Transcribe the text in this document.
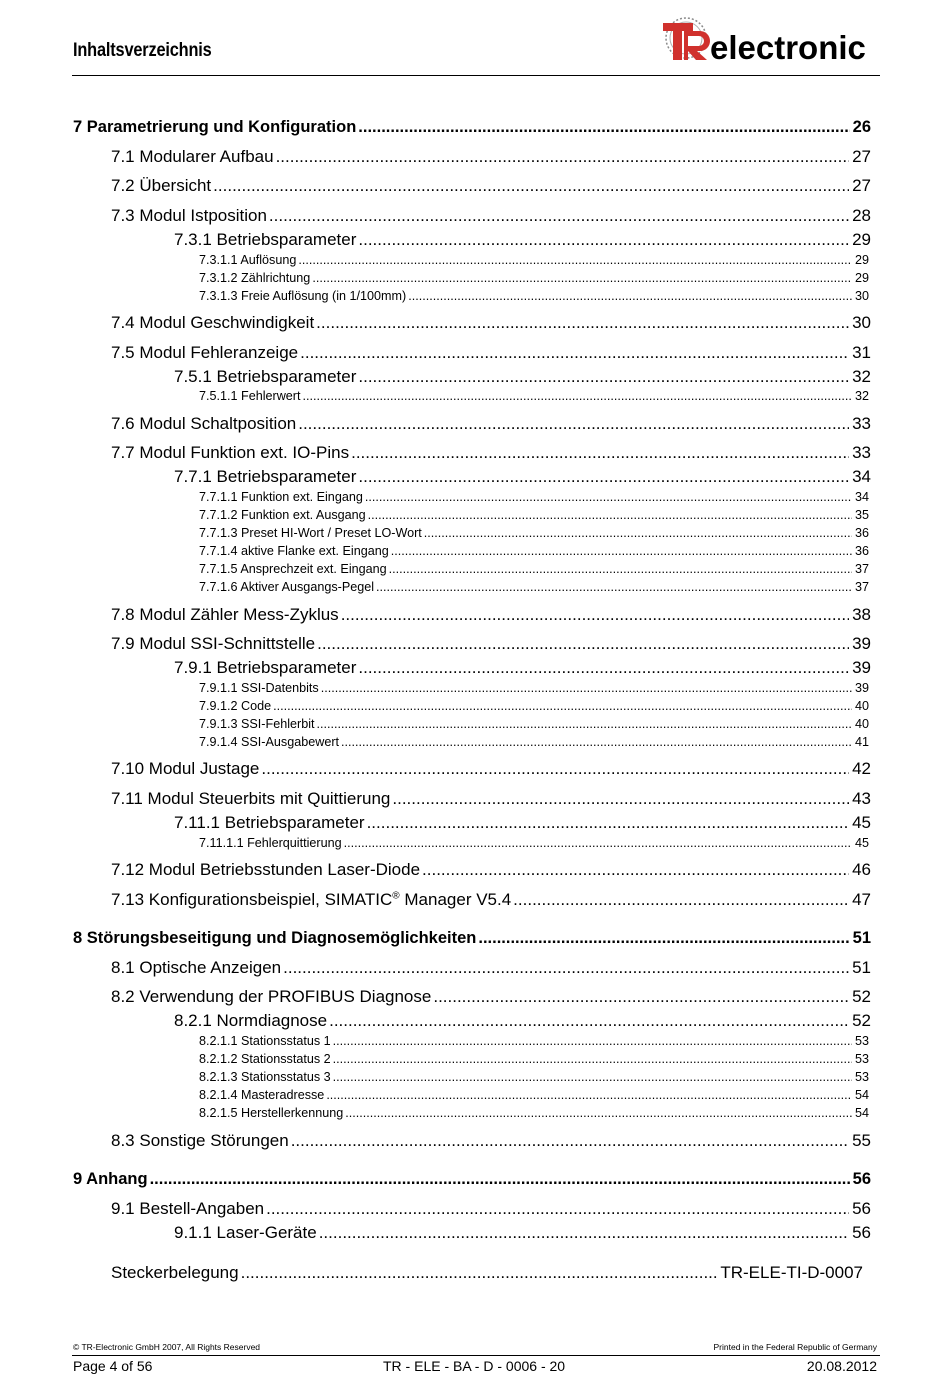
Inhaltsverzeichnis	electronic
7 Parametrierung und Konfiguration .....	26
7.1 Modularer Aufbau .....	27
7.2 Übersicht .....	27
7.3 Modul Istposition .....	28
7.3.1 Betriebsparameter .....	29
7.3.1.1 Auflösung .....	29
7.3.1.2 Zählrichtung .....	29
7.3.1.3 Freie Auflösung (in 1/100mm) .....	30
7.4 Modul Geschwindigkeit .....	30
7.5 Modul Fehleranzeige .....	31
7.5.1 Betriebsparameter .....	32
7.5.1.1 Fehlerwert .....	32
7.6 Modul Schaltposition .....	33
7.7 Modul Funktion ext. IO-Pins .....	33
7.7.1 Betriebsparameter .....	34
7.7.1.1 Funktion ext. Eingang .....	34
7.7.1.2 Funktion ext. Ausgang .....	35
7.7.1.3 Preset HI-Wort / Preset LO-Wort .....	36
7.7.1.4 aktive Flanke ext. Eingang .....	36
7.7.1.5 Ansprechzeit ext. Eingang .....	37
7.7.1.6 Aktiver Ausgangs-Pegel .....	37
7.8 Modul Zähler Mess-Zyklus .....	38
7.9 Modul SSI-Schnittstelle .....	39
7.9.1 Betriebsparameter .....	39
7.9.1.1 SSI-Datenbits .....	39
7.9.1.2 Code .....	40
7.9.1.3 SSI-Fehlerbit .....	40
7.9.1.4 SSI-Ausgabewert .....	41
7.10 Modul Justage .....	42
7.11 Modul Steuerbits mit Quittierung .....	43
7.11.1 Betriebsparameter .....	45
7.11.1.1 Fehlerquittierung .....	45
7.12 Modul Betriebsstunden Laser-Diode .....	46
7.13 Konfigurationsbeispiel, SIMATIC® Manager V5.4 .....	47
8 Störungsbeseitigung und Diagnosemöglichkeiten .....	51
8.1 Optische Anzeigen .....	51
8.2 Verwendung der PROFIBUS Diagnose .....	52
8.2.1 Normdiagnose .....	52
8.2.1.1 Stationsstatus 1 .....	53
8.2.1.2 Stationsstatus 2 .....	53
8.2.1.3 Stationsstatus 3 .....	53
8.2.1.4 Masteradresse .....	54
8.2.1.5 Herstellerkennung .....	54
8.3 Sonstige Störungen .....	55
9 Anhang .....	56
9.1 Bestell-Angaben .....	56
9.1.1 Laser-Geräte .....	56
Steckerbelegung .....	TR-ELE-TI-D-0007
© TR-Electronic GmbH 2007, All Rights Reserved	Printed in the Federal Republic of Germany
Page 4 of 56	TR - ELE - BA - D - 0006 - 20	20.08.2012
